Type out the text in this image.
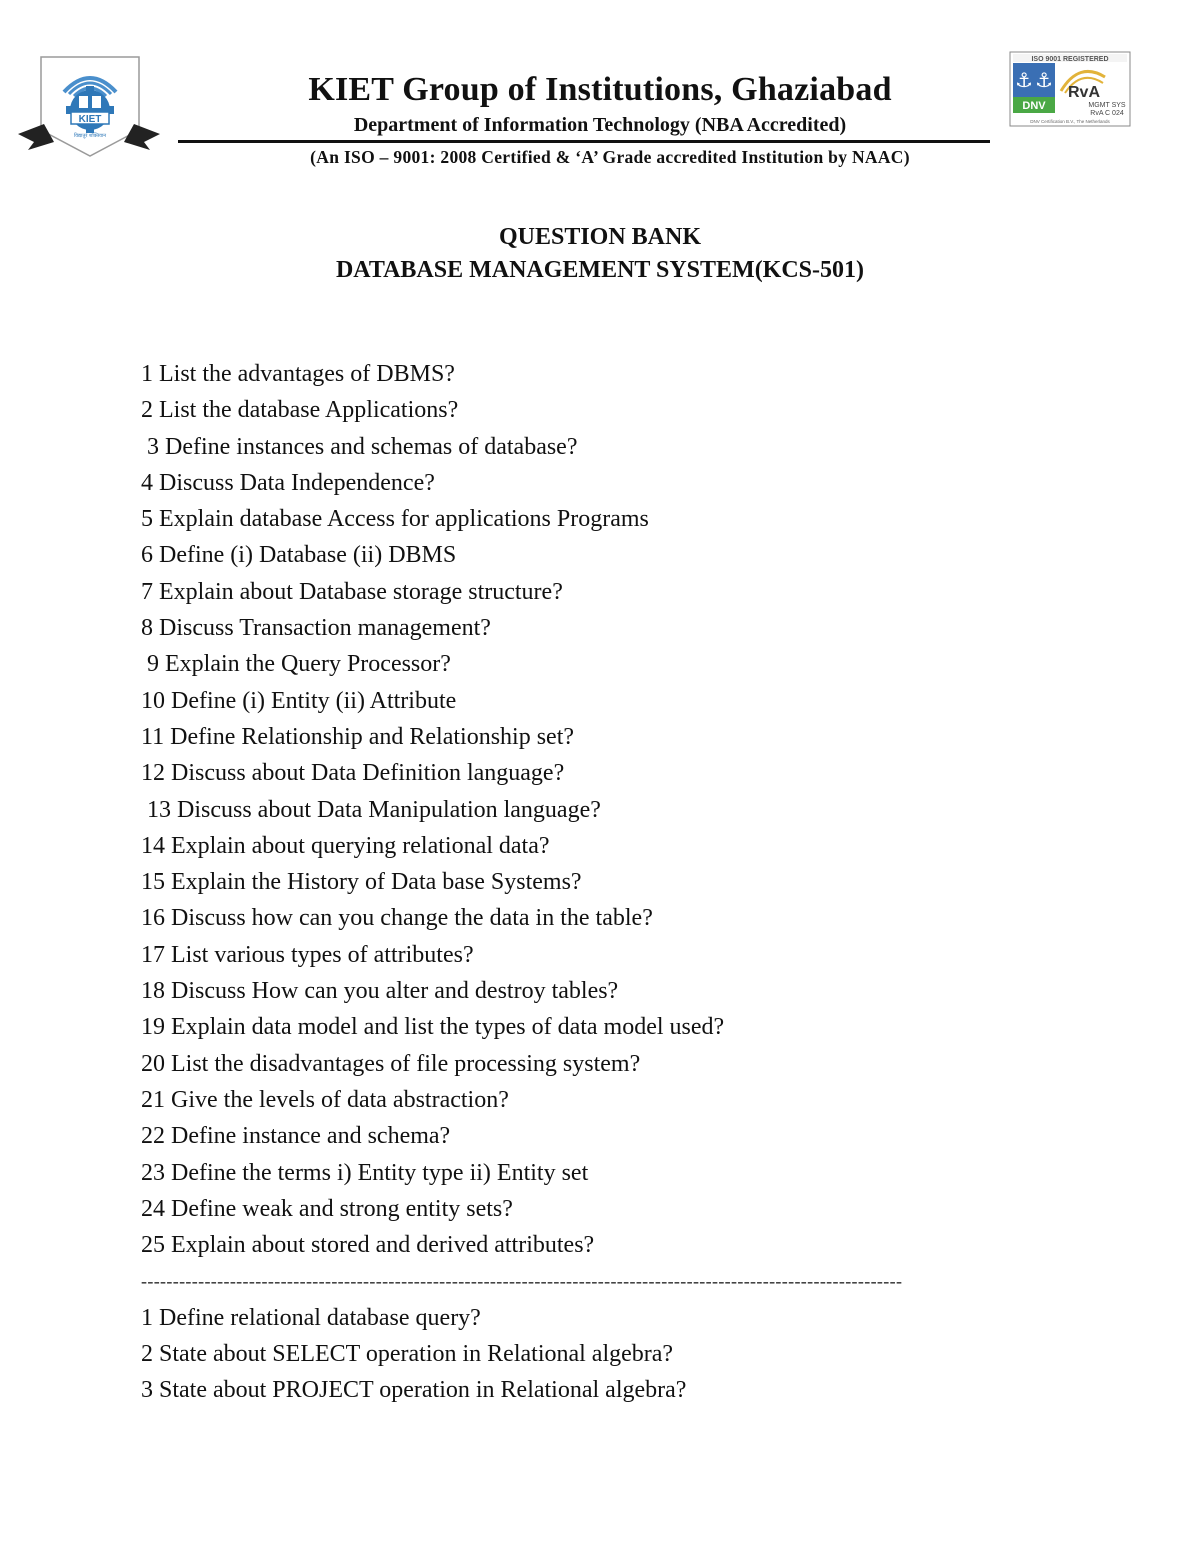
KIET
विद्यातुरं शक्तिवान
KIET Group of Institutions, Ghaziabad
Department of Information Technology (NBA Accredited)
(An ISO – 9001: 2008 Certified & ‘A’ Grade accredited Institution by NAAC)
ISO 9001 REGISTERED
⚓ ⚓
DNV
RvA
MGMT SYS
RvA C 024
DNV Certification B.V., The Netherlands
QUESTION BANK
DATABASE MANAGEMENT SYSTEM(KCS-501)
1 List the advantages of DBMS?
2 List the database Applications?
3 Define instances and schemas of database?
4 Discuss Data Independence?
5 Explain database Access for applications Programs
6 Define (i) Database (ii) DBMS
7 Explain about Database storage structure?
8 Discuss Transaction management?
9 Explain the Query Processor?
10 Define (i) Entity (ii) Attribute
11 Define Relationship and Relationship set?
12 Discuss about Data Definition language?
13 Discuss about Data Manipulation language?
14 Explain about querying relational data?
15 Explain the History of Data base Systems?
16 Discuss how can you change the data in the table?
17 List various types of attributes?
18 Discuss How can you alter and destroy tables?
19 Explain data model and list the types of data model used?
20 List the disadvantages of file processing system?
21 Give the levels of data abstraction?
22 Define instance and schema?
23 Define the terms i) Entity type ii) Entity set
24 Define weak and strong entity sets?
25 Explain about stored and derived attributes?
------------------------------------------------------------------------------------------------------------------------
1 Define relational database query?
2 State about SELECT operation in Relational algebra?
3 State about PROJECT operation in Relational algebra?
